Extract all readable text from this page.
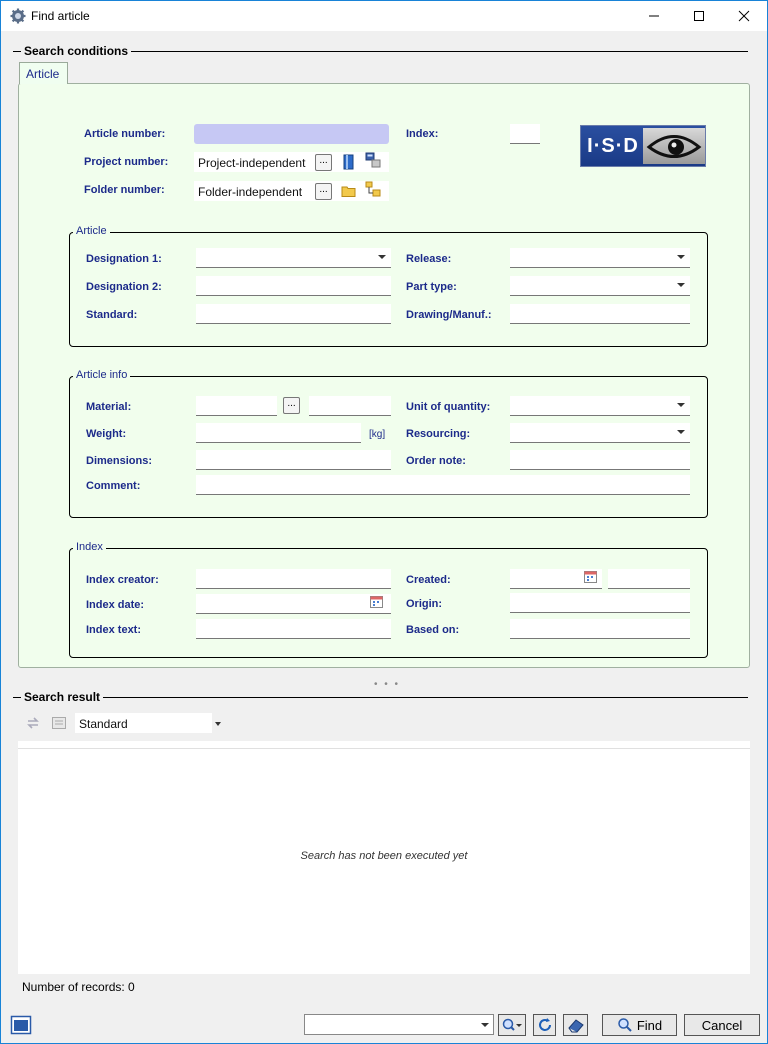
Find article
Search conditions
Article
Article number:	Index:
Project number: Project-independent	...
Folder number:	Folder-independent	...
I·S·D
Article
Designation 1:	Release:
Designation 2:	Part type:
Standard:	Drawing/Manuf.:
Article info
Material:	...	Unit of quantity:
Weight:	[kg] Resourcing:
Dimensions:	Order note:
Comment:
Index
Index creator:	Created:
Index date:	Origin:
Index text:	Based on:
• • •
Search result
Standard
Search has not been executed yet
Number of records: 0
Find	Cancel
